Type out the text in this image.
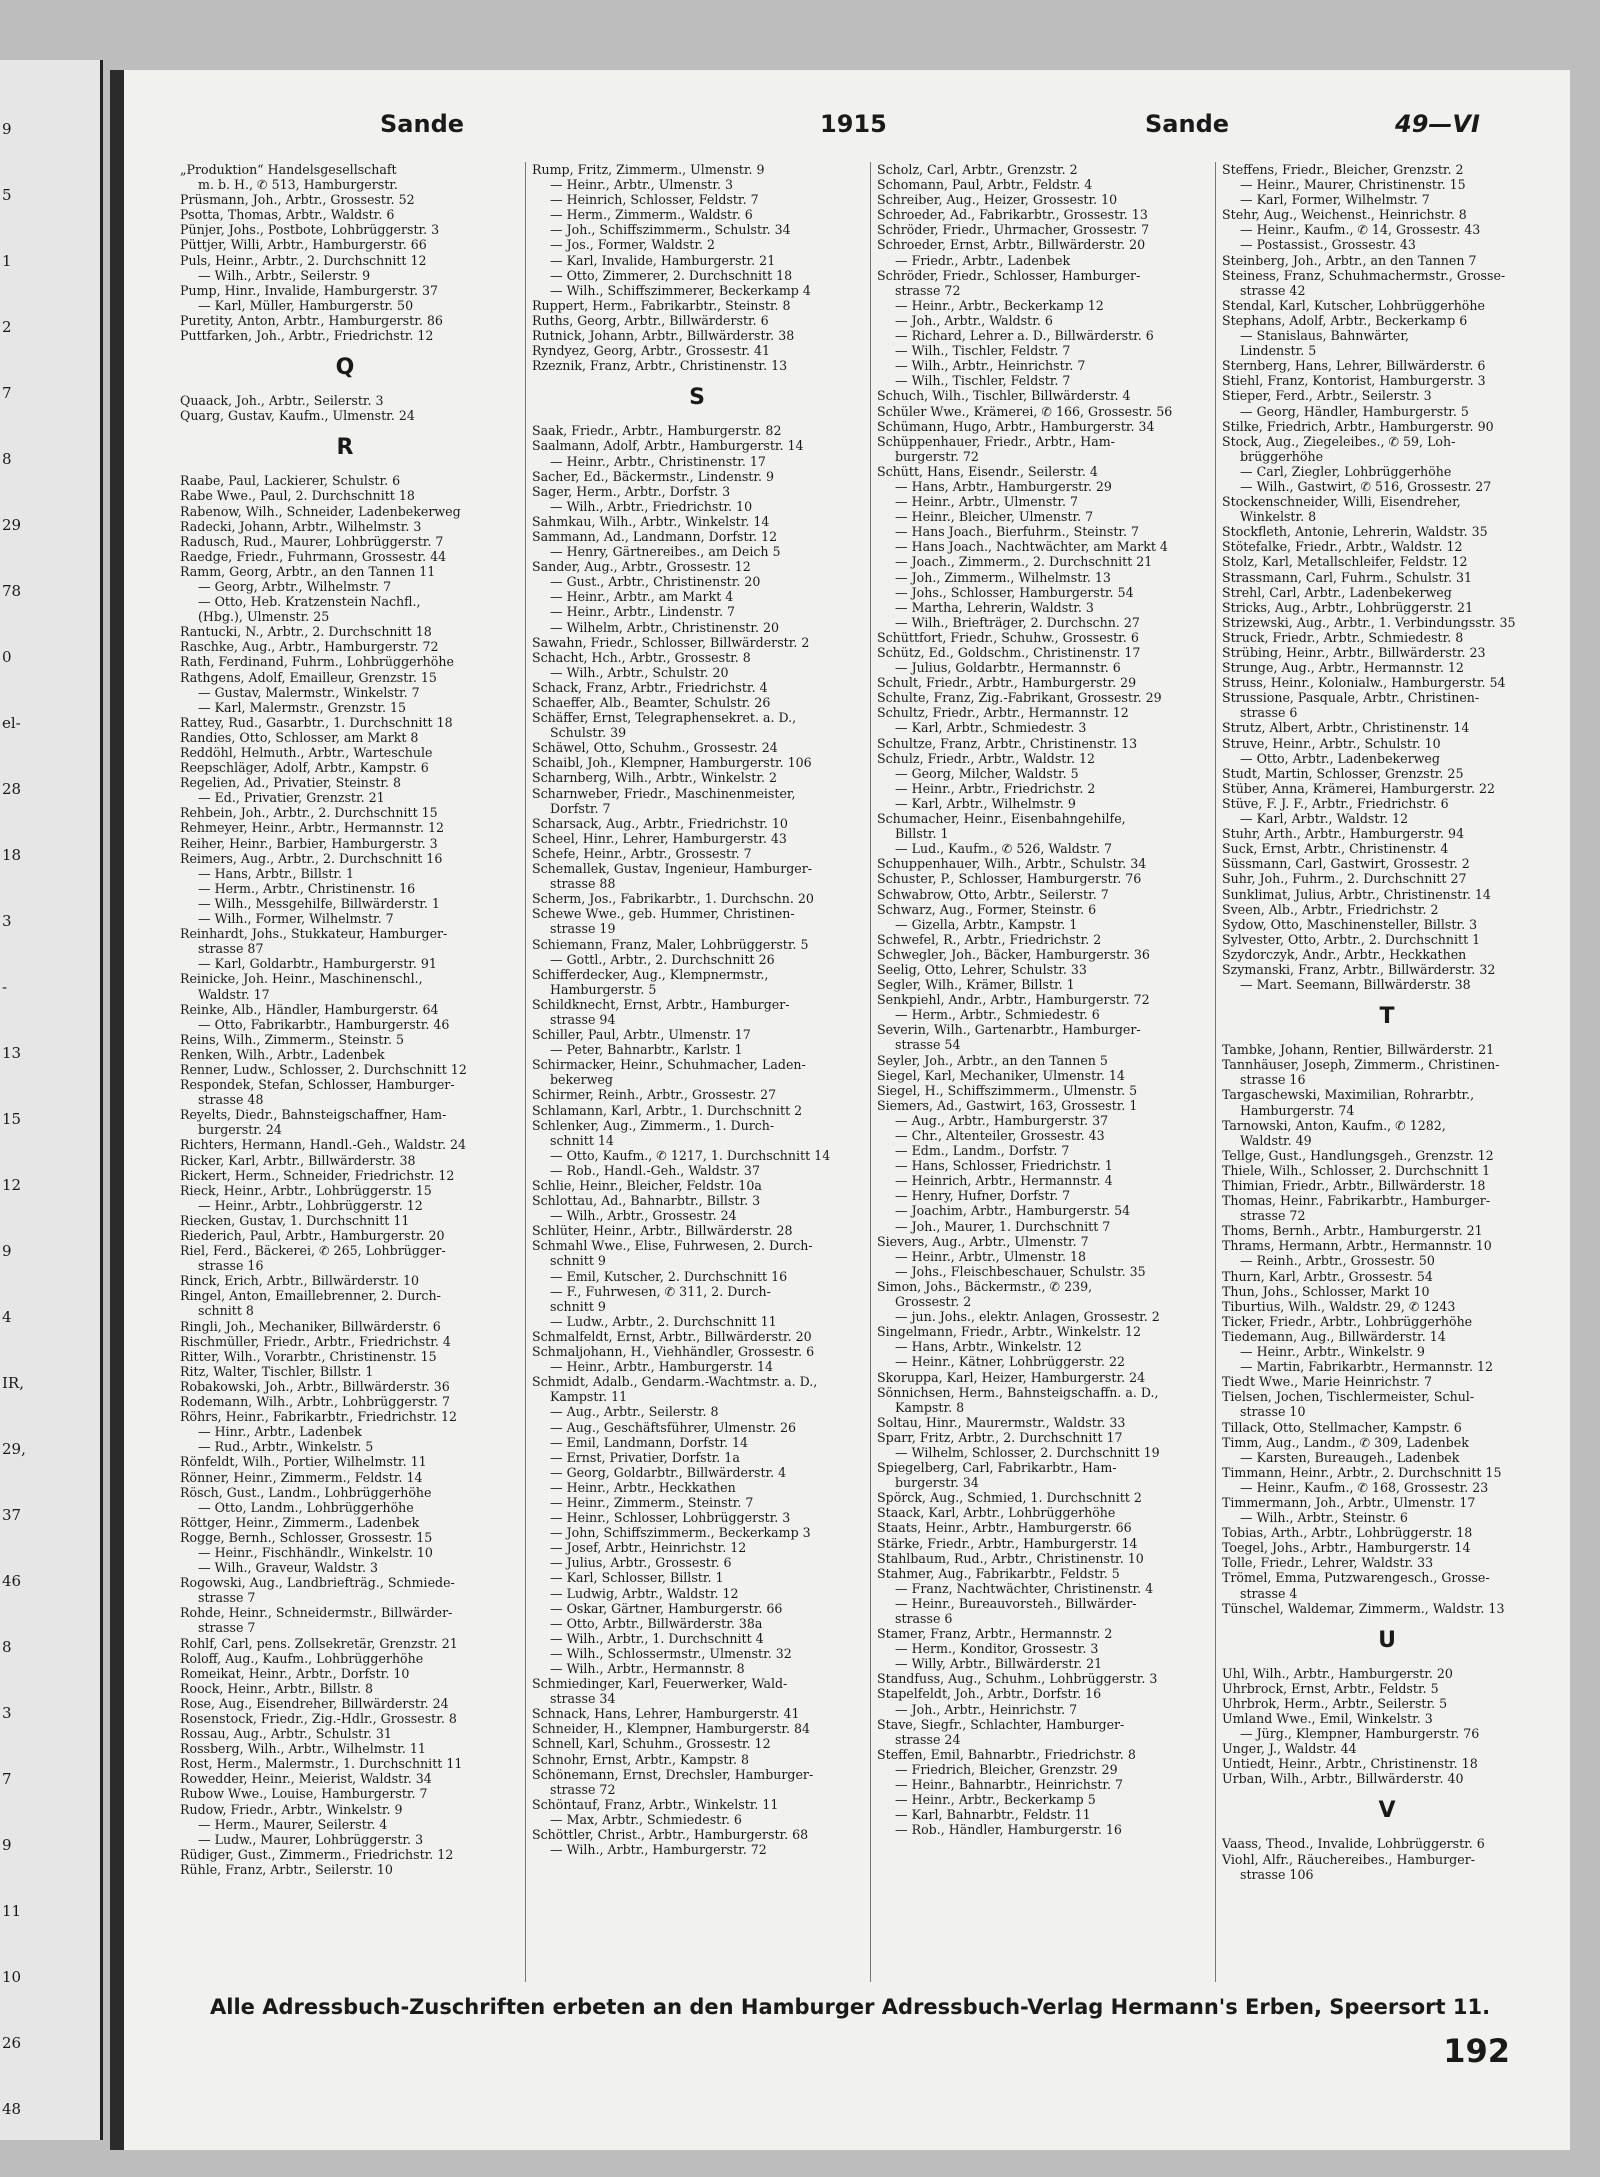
9
5
1
2
7
8
29
78
0
el-
28
18
3
-
13
15
12
9
4
IR,
29,
37
46
8
3
7
9
11
10
26
48
Sande	1915	Sande	49—VI
„Produktion“ Handelsgesellschaft
m. b. H., ✆ 513, Hamburgerstr.
Prüsmann, Joh., Arbtr., Grossestr. 52
Psotta, Thomas, Arbtr., Waldstr. 6
Pünjer, Johs., Postbote, Lohbrüggerstr. 3
Püttjer, Willi, Arbtr., Hamburgerstr. 66
Puls, Heinr., Arbtr., 2. Durchschnitt 12
— Wilh., Arbtr., Seilerstr. 9
Pump, Hinr., Invalide, Hamburgerstr. 37
— Karl, Müller, Hamburgerstr. 50
Puretity, Anton, Arbtr., Hamburgerstr. 86
Puttfarken, Joh., Arbtr., Friedrichstr. 12
Q
Quaack, Joh., Arbtr., Seilerstr. 3
Quarg, Gustav, Kaufm., Ulmenstr. 24
R
Raabe, Paul, Lackierer, Schulstr. 6
Rabe Wwe., Paul, 2. Durchschnitt 18
Rabenow, Wilh., Schneider, Ladenbekerweg
Radecki, Johann, Arbtr., Wilhelmstr. 3
Radusch, Rud., Maurer, Lohbrüggerstr. 7
Raedge, Friedr., Fuhrmann, Grossestr. 44
Ramm, Georg, Arbtr., an den Tannen 11
— Georg, Arbtr., Wilhelmstr. 7
— Otto, Heb. Kratzenstein Nachfl.,
(Hbg.), Ulmenstr. 25
Rantucki, N., Arbtr., 2. Durchschnitt 18
Raschke, Aug., Arbtr., Hamburgerstr. 72
Rath, Ferdinand, Fuhrm., Lohbrüggerhöhe
Rathgens, Adolf, Emailleur, Grenzstr. 15
— Gustav, Malermstr., Winkelstr. 7
— Karl, Malermstr., Grenzstr. 15
Rattey, Rud., Gasarbtr., 1. Durchschnitt 18
Randies, Otto, Schlosser, am Markt 8
Reddöhl, Helmuth., Arbtr., Warteschule
Reepschläger, Adolf, Arbtr., Kampstr. 6
Regelien, Ad., Privatier, Steinstr. 8
— Ed., Privatier, Grenzstr. 21
Rehbein, Joh., Arbtr., 2. Durchschnitt 15
Rehmeyer, Heinr., Arbtr., Hermannstr. 12
Reiher, Heinr., Barbier, Hamburgerstr. 3
Reimers, Aug., Arbtr., 2. Durchschnitt 16
— Hans, Arbtr., Billstr. 1
— Herm., Arbtr., Christinenstr. 16
— Wilh., Messgehilfe, Billwärderstr. 1
— Wilh., Former, Wilhelmstr. 7
Reinhardt, Johs., Stukkateur, Hamburger-
strasse 87
— Karl, Goldarbtr., Hamburgerstr. 91
Reinicke, Joh. Heinr., Maschinenschl.,
Waldstr. 17
Reinke, Alb., Händler, Hamburgerstr. 64
— Otto, Fabrikarbtr., Hamburgerstr. 46
Reins, Wilh., Zimmerm., Steinstr. 5
Renken, Wilh., Arbtr., Ladenbek
Renner, Ludw., Schlosser, 2. Durchschnitt 12
Respondek, Stefan, Schlosser, Hamburger-
strasse 48
Reyelts, Diedr., Bahnsteigschaffner, Ham-
burgerstr. 24
Richters, Hermann, Handl.-Geh., Waldstr. 24
Ricker, Karl, Arbtr., Billwärderstr. 38
Rickert, Herm., Schneider, Friedrichstr. 12
Rieck, Heinr., Arbtr., Lohbrüggerstr. 15
— Heinr., Arbtr., Lohbrüggerstr. 12
Riecken, Gustav, 1. Durchschnitt 11
Riederich, Paul, Arbtr., Hamburgerstr. 20
Riel, Ferd., Bäckerei, ✆ 265, Lohbrügger-
strasse 16
Rinck, Erich, Arbtr., Billwärderstr. 10
Ringel, Anton, Emaillebrenner, 2. Durch-
schnitt 8
Ringli, Joh., Mechaniker, Billwärderstr. 6
Rischmüller, Friedr., Arbtr., Friedrichstr. 4
Ritter, Wilh., Vorarbtr., Christinenstr. 15
Ritz, Walter, Tischler, Billstr. 1
Robakowski, Joh., Arbtr., Billwärderstr. 36
Rodemann, Wilh., Arbtr., Lohbrüggerstr. 7
Röhrs, Heinr., Fabrikarbtr., Friedrichstr. 12
— Hinr., Arbtr., Ladenbek
— Rud., Arbtr., Winkelstr. 5
Rönfeldt, Wilh., Portier, Wilhelmstr. 11
Rönner, Heinr., Zimmerm., Feldstr. 14
Rösch, Gust., Landm., Lohbrüggerhöhe
— Otto, Landm., Lohbrüggerhöhe
Röttger, Heinr., Zimmerm., Ladenbek
Rogge, Bernh., Schlosser, Grossestr. 15
— Heinr., Fischhändlr., Winkelstr. 10
— Wilh., Graveur, Waldstr. 3
Rogowski, Aug., Landbriefträg., Schmiede-
strasse 7
Rohde, Heinr., Schneidermstr., Billwärder-
strasse 7
Rohlf, Carl, pens. Zollsekretär, Grenzstr. 21
Roloff, Aug., Kaufm., Lohbrüggerhöhe
Romeikat, Heinr., Arbtr., Dorfstr. 10
Roock, Heinr., Arbtr., Billstr. 8
Rose, Aug., Eisendreher, Billwärderstr. 24
Rosenstock, Friedr., Zig.-Hdlr., Grossestr. 8
Rossau, Aug., Arbtr., Schulstr. 31
Rossberg, Wilh., Arbtr., Wilhelmstr. 11
Rost, Herm., Malermstr., 1. Durchschnitt 11
Rowedder, Heinr., Meierist, Waldstr. 34
Rubow Wwe., Louise, Hamburgerstr. 7
Rudow, Friedr., Arbtr., Winkelstr. 9
— Herm., Maurer, Seilerstr. 4
— Ludw., Maurer, Lohbrüggerstr. 3
Rüdiger, Gust., Zimmerm., Friedrichstr. 12
Rühle, Franz, Arbtr., Seilerstr. 10
Rump, Fritz, Zimmerm., Ulmenstr. 9
— Heinr., Arbtr., Ulmenstr. 3
— Heinrich, Schlosser, Feldstr. 7
— Herm., Zimmerm., Waldstr. 6
— Joh., Schiffszimmerm., Schulstr. 34
— Jos., Former, Waldstr. 2
— Karl, Invalide, Hamburgerstr. 21
— Otto, Zimmerer, 2. Durchschnitt 18
— Wilh., Schiffszimmerer, Beckerkamp 4
Ruppert, Herm., Fabrikarbtr., Steinstr. 8
Ruths, Georg, Arbtr., Billwärderstr. 6
Rutnick, Johann, Arbtr., Billwärderstr. 38
Ryndyez, Georg, Arbtr., Grossestr. 41
Rzeznik, Franz, Arbtr., Christinenstr. 13
S
Saak, Friedr., Arbtr., Hamburgerstr. 82
Saalmann, Adolf, Arbtr., Hamburgerstr. 14
— Heinr., Arbtr., Christinenstr. 17
Sacher, Ed., Bäckermstr., Lindenstr. 9
Sager, Herm., Arbtr., Dorfstr. 3
— Wilh., Arbtr., Friedrichstr. 10
Sahmkau, Wilh., Arbtr., Winkelstr. 14
Sammann, Ad., Landmann, Dorfstr. 12
— Henry, Gärtnereibes., am Deich 5
Sander, Aug., Arbtr., Grossestr. 12
— Gust., Arbtr., Christinenstr. 20
— Heinr., Arbtr., am Markt 4
— Heinr., Arbtr., Lindenstr. 7
— Wilhelm, Arbtr., Christinenstr. 20
Sawahn, Friedr., Schlosser, Billwärderstr. 2
Schacht, Hch., Arbtr., Grossestr. 8
— Wilh., Arbtr., Schulstr. 20
Schack, Franz, Arbtr., Friedrichstr. 4
Schaeffer, Alb., Beamter, Schulstr. 26
Schäffer, Ernst, Telegraphensekret. a. D.,
Schulstr. 39
Schäwel, Otto, Schuhm., Grossestr. 24
Schaibl, Joh., Klempner, Hamburgerstr. 106
Scharnberg, Wilh., Arbtr., Winkelstr. 2
Scharnweber, Friedr., Maschinenmeister,
Dorfstr. 7
Scharsack, Aug., Arbtr., Friedrichstr. 10
Scheel, Hinr., Lehrer, Hamburgerstr. 43
Schefe, Heinr., Arbtr., Grossestr. 7
Schemallek, Gustav, Ingenieur, Hamburger-
strasse 88
Scherm, Jos., Fabrikarbtr., 1. Durchschn. 20
Schewe Wwe., geb. Hummer, Christinen-
strasse 19
Schiemann, Franz, Maler, Lohbrüggerstr. 5
— Gottl., Arbtr., 2. Durchschnitt 26
Schifferdecker, Aug., Klempnermstr.,
Hamburgerstr. 5
Schildknecht, Ernst, Arbtr., Hamburger-
strasse 94
Schiller, Paul, Arbtr., Ulmenstr. 17
— Peter, Bahnarbtr., Karlstr. 1
Schirmacker, Heinr., Schuhmacher, Laden-
bekerweg
Schirmer, Reinh., Arbtr., Grossestr. 27
Schlamann, Karl, Arbtr., 1. Durchschnitt 2
Schlenker, Aug., Zimmerm., 1. Durch-
schnitt 14
— Otto, Kaufm., ✆ 1217, 1. Durchschnitt 14
— Rob., Handl.-Geh., Waldstr. 37
Schlie, Heinr., Bleicher, Feldstr. 10a
Schlottau, Ad., Bahnarbtr., Billstr. 3
— Wilh., Arbtr., Grossestr. 24
Schlüter, Heinr., Arbtr., Billwärderstr. 28
Schmahl Wwe., Elise, Fuhrwesen, 2. Durch-
schnitt 9
— Emil, Kutscher, 2. Durchschnitt 16
— F., Fuhrwesen, ✆ 311, 2. Durch-
schnitt 9
— Ludw., Arbtr., 2. Durchschnitt 11
Schmalfeldt, Ernst, Arbtr., Billwärderstr. 20
Schmaljohann, H., Viehhändler, Grossestr. 6
— Heinr., Arbtr., Hamburgerstr. 14
Schmidt, Adalb., Gendarm.-Wachtmstr. a. D.,
Kampstr. 11
— Aug., Arbtr., Seilerstr. 8
— Aug., Geschäftsführer, Ulmenstr. 26
— Emil, Landmann, Dorfstr. 14
— Ernst, Privatier, Dorfstr. 1a
— Georg, Goldarbtr., Billwärderstr. 4
— Heinr., Arbtr., Heckkathen
— Heinr., Zimmerm., Steinstr. 7
— Heinr., Schlosser, Lohbrüggerstr. 3
— John, Schiffszimmerm., Beckerkamp 3
— Josef, Arbtr., Heinrichstr. 12
— Julius, Arbtr., Grossestr. 6
— Karl, Schlosser, Billstr. 1
— Ludwig, Arbtr., Waldstr. 12
— Oskar, Gärtner, Hamburgerstr. 66
— Otto, Arbtr., Billwärderstr. 38a
— Wilh., Arbtr., 1. Durchschnitt 4
— Wilh., Schlossermstr., Ulmenstr. 32
— Wilh., Arbtr., Hermannstr. 8
Schmiedinger, Karl, Feuerwerker, Wald-
strasse 34
Schnack, Hans, Lehrer, Hamburgerstr. 41
Schneider, H., Klempner, Hamburgerstr. 84
Schnell, Karl, Schuhm., Grossestr. 12
Schnohr, Ernst, Arbtr., Kampstr. 8
Schönemann, Ernst, Drechsler, Hamburger-
strasse 72
Schöntauf, Franz, Arbtr., Winkelstr. 11
— Max, Arbtr., Schmiedestr. 6
Schöttler, Christ., Arbtr., Hamburgerstr. 68
— Wilh., Arbtr., Hamburgerstr. 72
Scholz, Carl, Arbtr., Grenzstr. 2
Schomann, Paul, Arbtr., Feldstr. 4
Schreiber, Aug., Heizer, Grossestr. 10
Schroeder, Ad., Fabrikarbtr., Grossestr. 13
Schröder, Friedr., Uhrmacher, Grossestr. 7
Schroeder, Ernst, Arbtr., Billwärderstr. 20
— Friedr., Arbtr., Ladenbek
Schröder, Friedr., Schlosser, Hamburger-
strasse 72
— Heinr., Arbtr., Beckerkamp 12
— Joh., Arbtr., Waldstr. 6
— Richard, Lehrer a. D., Billwärderstr. 6
— Wilh., Tischler, Feldstr. 7
— Wilh., Arbtr., Heinrichstr. 7
— Wilh., Tischler, Feldstr. 7
Schuch, Wilh., Tischler, Billwärderstr. 4
Schüler Wwe., Krämerei, ✆ 166, Grossestr. 56
Schümann, Hugo, Arbtr., Hamburgerstr. 34
Schüppenhauer, Friedr., Arbtr., Ham-
burgerstr. 72
Schütt, Hans, Eisendr., Seilerstr. 4
— Hans, Arbtr., Hamburgerstr. 29
— Heinr., Arbtr., Ulmenstr. 7
— Heinr., Bleicher, Ulmenstr. 7
— Hans Joach., Bierfuhrm., Steinstr. 7
— Hans Joach., Nachtwächter, am Markt 4
— Joach., Zimmerm., 2. Durchschnitt 21
— Joh., Zimmerm., Wilhelmstr. 13
— Johs., Schlosser, Hamburgerstr. 54
— Martha, Lehrerin, Waldstr. 3
— Wilh., Briefträger, 2. Durchschn. 27
Schüttfort, Friedr., Schuhw., Grossestr. 6
Schütz, Ed., Goldschm., Christinenstr. 17
— Julius, Goldarbtr., Hermannstr. 6
Schult, Friedr., Arbtr., Hamburgerstr. 29
Schulte, Franz, Zig.-Fabrikant, Grossestr. 29
Schultz, Friedr., Arbtr., Hermannstr. 12
— Karl, Arbtr., Schmiedestr. 3
Schultze, Franz, Arbtr., Christinenstr. 13
Schulz, Friedr., Arbtr., Waldstr. 12
— Georg, Milcher, Waldstr. 5
— Heinr., Arbtr., Friedrichstr. 2
— Karl, Arbtr., Wilhelmstr. 9
Schumacher, Heinr., Eisenbahngehilfe,
Billstr. 1
— Lud., Kaufm., ✆ 526, Waldstr. 7
Schuppenhauer, Wilh., Arbtr., Schulstr. 34
Schuster, P., Schlosser, Hamburgerstr. 76
Schwabrow, Otto, Arbtr., Seilerstr. 7
Schwarz, Aug., Former, Steinstr. 6
— Gizella, Arbtr., Kampstr. 1
Schwefel, R., Arbtr., Friedrichstr. 2
Schwegler, Joh., Bäcker, Hamburgerstr. 36
Seelig, Otto, Lehrer, Schulstr. 33
Segler, Wilh., Krämer, Billstr. 1
Senkpiehl, Andr., Arbtr., Hamburgerstr. 72
— Herm., Arbtr., Schmiedestr. 6
Severin, Wilh., Gartenarbtr., Hamburger-
strasse 54
Seyler, Joh., Arbtr., an den Tannen 5
Siegel, Karl, Mechaniker, Ulmenstr. 14
Siegel, H., Schiffszimmerm., Ulmenstr. 5
Siemers, Ad., Gastwirt, 163, Grossestr. 1
— Aug., Arbtr., Hamburgerstr. 37
— Chr., Altenteiler, Grossestr. 43
— Edm., Landm., Dorfstr. 7
— Hans, Schlosser, Friedrichstr. 1
— Heinrich, Arbtr., Hermannstr. 4
— Henry, Hufner, Dorfstr. 7
— Joachim, Arbtr., Hamburgerstr. 54
— Joh., Maurer, 1. Durchschnitt 7
Sievers, Aug., Arbtr., Ulmenstr. 7
— Heinr., Arbtr., Ulmenstr. 18
— Johs., Fleischbeschauer, Schulstr. 35
Simon, Johs., Bäckermstr., ✆ 239,
Grossestr. 2
— jun. Johs., elektr. Anlagen, Grossestr. 2
Singelmann, Friedr., Arbtr., Winkelstr. 12
— Hans, Arbtr., Winkelstr. 12
— Heinr., Kätner, Lohbrüggerstr. 22
Skoruppa, Karl, Heizer, Hamburgerstr. 24
Sönnichsen, Herm., Bahnsteigschaffn. a. D.,
Kampstr. 8
Soltau, Hinr., Maurermstr., Waldstr. 33
Sparr, Fritz, Arbtr., 2. Durchschnitt 17
— Wilhelm, Schlosser, 2. Durchschnitt 19
Spiegelberg, Carl, Fabrikarbtr., Ham-
burgerstr. 34
Spörck, Aug., Schmied, 1. Durchschnitt 2
Staack, Karl, Arbtr., Lohbrüggerhöhe
Staats, Heinr., Arbtr., Hamburgerstr. 66
Stärke, Friedr., Arbtr., Hamburgerstr. 14
Stahlbaum, Rud., Arbtr., Christinenstr. 10
Stahmer, Aug., Fabrikarbtr., Feldstr. 5
— Franz, Nachtwächter, Christinenstr. 4
— Heinr., Bureauvorsteh., Billwärder-
strasse 6
Stamer, Franz, Arbtr., Hermannstr. 2
— Herm., Konditor, Grossestr. 3
— Willy, Arbtr., Billwärderstr. 21
Standfuss, Aug., Schuhm., Lohbrüggerstr. 3
Stapelfeldt, Joh., Arbtr., Dorfstr. 16
— Joh., Arbtr., Heinrichstr. 7
Stave, Siegfr., Schlachter, Hamburger-
strasse 24
Steffen, Emil, Bahnarbtr., Friedrichstr. 8
— Friedrich, Bleicher, Grenzstr. 29
— Heinr., Bahnarbtr., Heinrichstr. 7
— Heinr., Arbtr., Beckerkamp 5
— Karl, Bahnarbtr., Feldstr. 11
— Rob., Händler, Hamburgerstr. 16
Steffens, Friedr., Bleicher, Grenzstr. 2
— Heinr., Maurer, Christinenstr. 15
— Karl, Former, Wilhelmstr. 7
Stehr, Aug., Weichenst., Heinrichstr. 8
— Heinr., Kaufm., ✆ 14, Grossestr. 43
— Postassist., Grossestr. 43
Steinberg, Joh., Arbtr., an den Tannen 7
Steiness, Franz, Schuhmachermstr., Grosse-
strasse 42
Stendal, Karl, Kutscher, Lohbrüggerhöhe
Stephans, Adolf, Arbtr., Beckerkamp 6
— Stanislaus, Bahnwärter,
Lindenstr. 5
Sternberg, Hans, Lehrer, Billwärderstr. 6
Stiehl, Franz, Kontorist, Hamburgerstr. 3
Stieper, Ferd., Arbtr., Seilerstr. 3
— Georg, Händler, Hamburgerstr. 5
Stilke, Friedrich, Arbtr., Hamburgerstr. 90
Stock, Aug., Ziegeleibes., ✆ 59, Loh-
brüggerhöhe
— Carl, Ziegler, Lohbrüggerhöhe
— Wilh., Gastwirt, ✆ 516, Grossestr. 27
Stockenschneider, Willi, Eisendreher,
Winkelstr. 8
Stockfleth, Antonie, Lehrerin, Waldstr. 35
Stötefalke, Friedr., Arbtr., Waldstr. 12
Stolz, Karl, Metallschleifer, Feldstr. 12
Strassmann, Carl, Fuhrm., Schulstr. 31
Strehl, Carl, Arbtr., Ladenbekerweg
Stricks, Aug., Arbtr., Lohbrüggerstr. 21
Strizewski, Aug., Arbtr., 1. Verbindungsstr. 35
Struck, Friedr., Arbtr., Schmiedestr. 8
Strübing, Heinr., Arbtr., Billwärderstr. 23
Strunge, Aug., Arbtr., Hermannstr. 12
Struss, Heinr., Kolonialw., Hamburgerstr. 54
Strussione, Pasquale, Arbtr., Christinen-
strasse 6
Strutz, Albert, Arbtr., Christinenstr. 14
Struve, Heinr., Arbtr., Schulstr. 10
— Otto, Arbtr., Ladenbekerweg
Studt, Martin, Schlosser, Grenzstr. 25
Stüber, Anna, Krämerei, Hamburgerstr. 22
Stüve, F. J. F., Arbtr., Friedrichstr. 6
— Karl, Arbtr., Waldstr. 12
Stuhr, Arth., Arbtr., Hamburgerstr. 94
Suck, Ernst, Arbtr., Christinenstr. 4
Süssmann, Carl, Gastwirt, Grossestr. 2
Suhr, Joh., Fuhrm., 2. Durchschnitt 27
Sunklimat, Julius, Arbtr., Christinenstr. 14
Sveen, Alb., Arbtr., Friedrichstr. 2
Sydow, Otto, Maschinensteller, Billstr. 3
Sylvester, Otto, Arbtr., 2. Durchschnitt 1
Szydorczyk, Andr., Arbtr., Heckkathen
Szymanski, Franz, Arbtr., Billwärderstr. 32
— Mart. Seemann, Billwärderstr. 38
T
Tambke, Johann, Rentier, Billwärderstr. 21
Tannhäuser, Joseph, Zimmerm., Christinen-
strasse 16
Targaschewski, Maximilian, Rohrarbtr.,
Hamburgerstr. 74
Tarnowski, Anton, Kaufm., ✆ 1282,
Waldstr. 49
Tellge, Gust., Handlungsgeh., Grenzstr. 12
Thiele, Wilh., Schlosser, 2. Durchschnitt 1
Thimian, Friedr., Arbtr., Billwärderstr. 18
Thomas, Heinr., Fabrikarbtr., Hamburger-
strasse 72
Thoms, Bernh., Arbtr., Hamburgerstr. 21
Thrams, Hermann, Arbtr., Hermannstr. 10
— Reinh., Arbtr., Grossestr. 50
Thurn, Karl, Arbtr., Grossestr. 54
Thun, Johs., Schlosser, Markt 10
Tiburtius, Wilh., Waldstr. 29, ✆ 1243
Ticker, Friedr., Arbtr., Lohbrüggerhöhe
Tiedemann, Aug., Billwärderstr. 14
— Heinr., Arbtr., Winkelstr. 9
— Martin, Fabrikarbtr., Hermannstr. 12
Tiedt Wwe., Marie Heinrichstr. 7
Tielsen, Jochen, Tischlermeister, Schul-
strasse 10
Tillack, Otto, Stellmacher, Kampstr. 6
Timm, Aug., Landm., ✆ 309, Ladenbek
— Karsten, Bureaugeh., Ladenbek
Timmann, Heinr., Arbtr., 2. Durchschnitt 15
— Heinr., Kaufm., ✆ 168, Grossestr. 23
Timmermann, Joh., Arbtr., Ulmenstr. 17
— Wilh., Arbtr., Steinstr. 6
Tobias, Arth., Arbtr., Lohbrüggerstr. 18
Toegel, Johs., Arbtr., Hamburgerstr. 14
Tolle, Friedr., Lehrer, Waldstr. 33
Trömel, Emma, Putzwarengesch., Grosse-
strasse 4
Tünschel, Waldemar, Zimmerm., Waldstr. 13
U
Uhl, Wilh., Arbtr., Hamburgerstr. 20
Uhrbrock, Ernst, Arbtr., Feldstr. 5
Uhrbrok, Herm., Arbtr., Seilerstr. 5
Umland Wwe., Emil, Winkelstr. 3
— Jürg., Klempner, Hamburgerstr. 76
Unger, J., Waldstr. 44
Untiedt, Heinr., Arbtr., Christinenstr. 18
Urban, Wilh., Arbtr., Billwärderstr. 40
V
Vaass, Theod., Invalide, Lohbrüggerstr. 6
Viohl, Alfr., Räuchereibes., Hamburger-
strasse 106
Alle Adressbuch-Zuschriften erbeten an den Hamburger Adressbuch-Verlag Hermann's Erben, Speersort 11.
192
